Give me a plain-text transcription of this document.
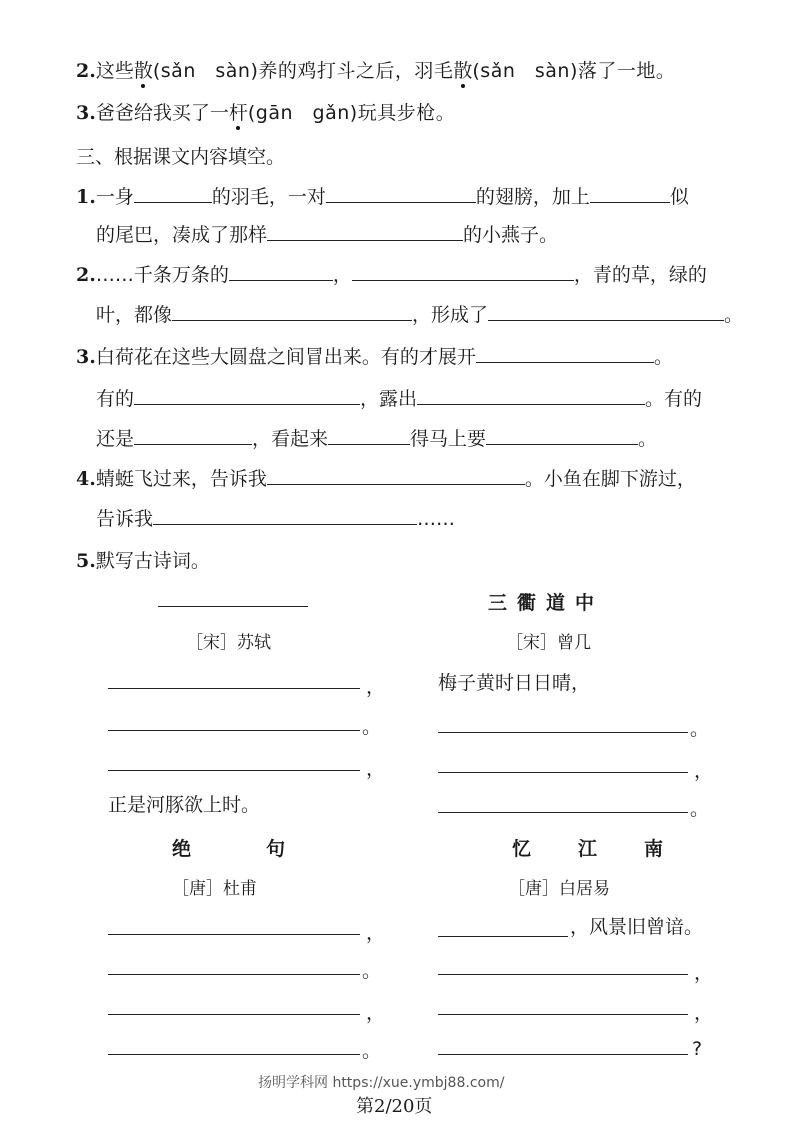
2.这些散(sǎn　sàn)养的鸡打斗之后，羽毛散(sǎn　sàn)落了一地。
3.爸爸给我买了一杆(gān　gǎn)玩具步枪。
三、根据课文内容填空。
1.一身	的羽毛，一对	的翅膀，加上	似
的尾巴，凑成了那样	的小燕子。
2.……千条万条的	，	，青的草，绿的
叶，都像	，形成了	。
3.白荷花在这些大圆盘之间冒出来。有的才展开	。
有的	，露出	。有的
还是	，看起来	得马上要	。
4.蜻蜓飞过来，告诉我	。小鱼在脚下游过，
告诉我	……
5.默写古诗词。
［宋］苏轼
，
。
，
正是河豚欲上时。
三衢道中
［宋］曾几
梅子黄时日日晴，
。
，
。
绝　句
［唐］杜甫
，
。
，
。
忆　江　南
［唐］白居易
，风景旧曾谙。
，
，
?
扬明学科网 https://xue.ymbj88.com/
第2/20页
